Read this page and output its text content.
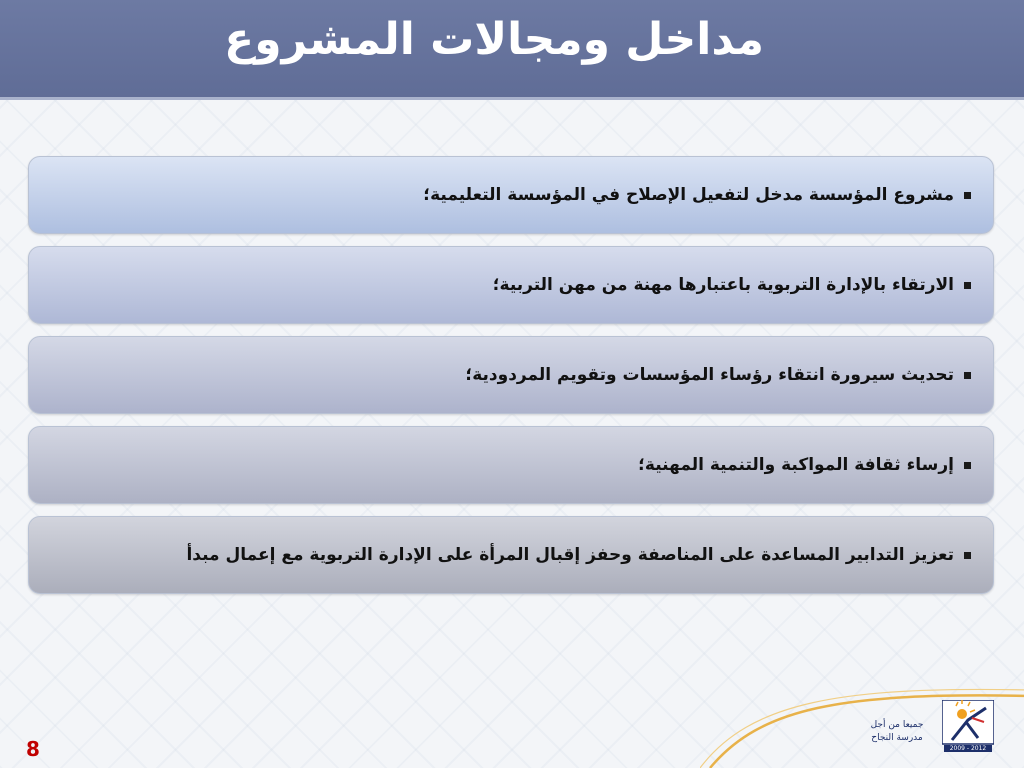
مداخل ومجالات المشروع
مشروع المؤسسة مدخل لتفعيل الإصلاح في المؤسسة التعليمية؛
الارتقاء بالإدارة التربوية باعتبارها مهنة من مهن التربية؛
تحديث سيرورة انتقاء رؤساء المؤسسات وتقويم المردودية؛
إرساء ثقافة المواكبة والتنمية المهنية؛
تعزيز التدابير المساعدة على المناصفة وحفز إقبال المرأة على الإدارة التربوية مع إعمال مبدأ
2009 - 2012
جميعا من أجل
مدرسة النجاح
8
